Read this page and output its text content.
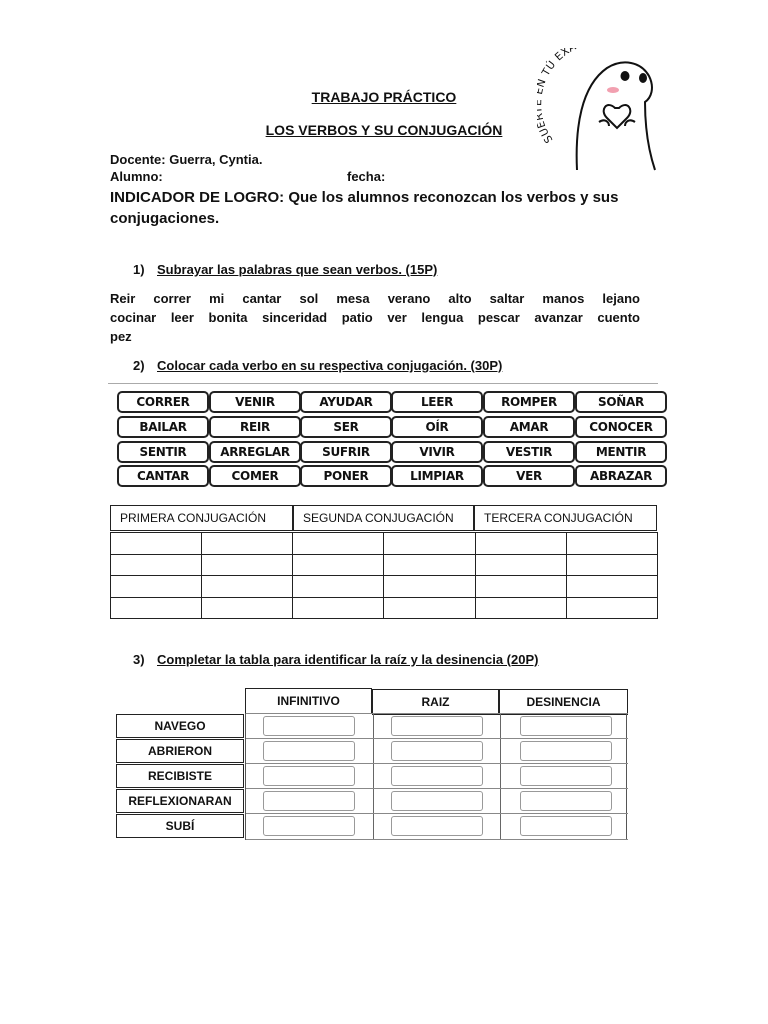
SU TÚ EX
TRABAJO PRÁCTICO
LOS VERBOS Y SU CONJUGACIÓN
Docente: Guerra, Cyntia.
Alumno:	fecha:
INDICADOR DE LOGRO: Que los alumnos reconozcan los verbos y sus conjugaciones.
1) Subrayar las palabras que sean verbos. (15P)
Reir correr mi cantar sol mesa verano alto saltar manos lejano
cocinar leer bonita sinceridad patio ver lengua pescar avanzar cuento
pez
2) Colocar cada verbo en su respectiva conjugación. (30P)
CORRER	VENIR	AYUDAR	LEER	ROMPER	SOÑAR
BAILAR	REIR	SER	OÍR	AMAR	CONOCER
SENTIR	ARREGLAR	SUFRIR	VIVIR	VESTIR	MENTIR
CANTAR	COMER	PONER	LIMPIAR	VER	ABRAZAR
PRIMERA CONJUGACIÓN	SEGUNDA CONJUGACIÓN	TERCERA CONJUGACIÓN

3) Completar la tabla para identificar la raíz y la desinencia (20P)
INFINITIVO	RAIZ	DESINENCIA
NAVEGO
ABRIERON
RECIBISTE
REFLEXIONARAN
SUBÍ
